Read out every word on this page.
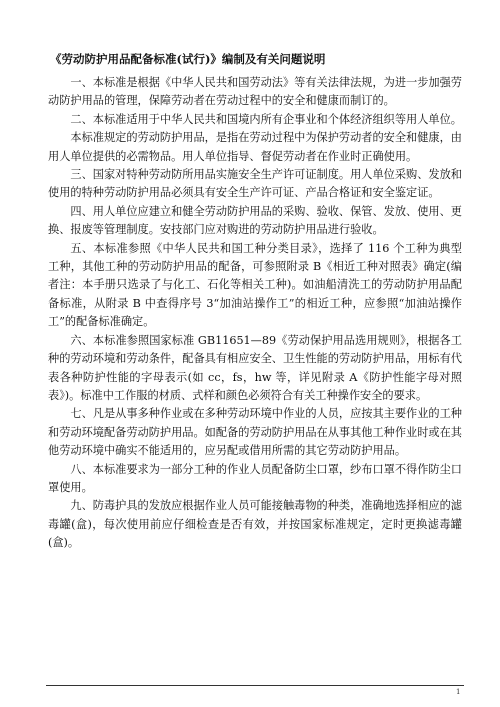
《劳动防护用品配备标准(试行)》编制及有关问题说明

一、本标准是根据《中华人民共和国劳动法》等有关法律法规，为进一步加强劳动防护用品的管理，保障劳动者在劳动过程中的安全和健康而制订的。

二、本标准适用于中华人民共和国境内所有企事业和个体经济组织等用人单位。

本标准规定的劳动防护用品，是指在劳动过程中为保护劳动者的安全和健康，由用人单位提供的必需物品。用人单位指导、督促劳动者在作业时正确使用。

三、国家对特种劳动防所用品实施安全生产许可证制度。用人单位采购、发放和使用的特种劳动防护用品必须具有安全生产许可证、产品合格证和安全鉴定证。

四、用人单位应建立和健全劳动防护用品的采购、验收、保管、发放、使用、更换、报废等管理制度。安技部门应对购进的劳动防护用品进行验收。

五、本标准参照《中华人民共和国工种分类目录》，选择了 116 个工种为典型工种，其他工种的劳动防护用品的配备，可参照附录 B《相近工种对照表》确定(编者注：本手册只选录了与化工、石化等相关工种)。如油船清洗工的劳动防护用品配备标准，从附录 B 中查得序号 3“加油站操作工”的相近工种，应参照“加油站操作工”的配备标准确定。

六、本标准参照国家标准 GB11651—89《劳动保护用品选用规则》，根据各工种的劳动环境和劳动条件，配备具有相应安全、卫生性能的劳动防护用品，用标有代表各种防护性能的字母表示(如 cc，fs，hw 等，详见附录 A《防护性能字母对照表》)。标准中工作服的材质、式样和颜色必须符合有关工种操作安全的要求。

七、凡是从事多种作业或在多种劳动环境中作业的人员，应按其主要作业的工种和劳动环境配备劳动防护用品。如配备的劳动防护用品在从事其他工种作业时或在其他劳动环境中确实不能适用的，应另配或借用所需的其它劳动防护用品。

八、本标准要求为一部分工种的作业人员配备防尘口罩，纱布口罩不得作防尘口罩使用。

九、防毒护具的发放应根据作业人员可能接触毒物的种类，准确地选择相应的滤毒罐(盒)，每次使用前应仔细检查是否有效，并按国家标准规定，定时更换滤毒罐(盒)。

1
